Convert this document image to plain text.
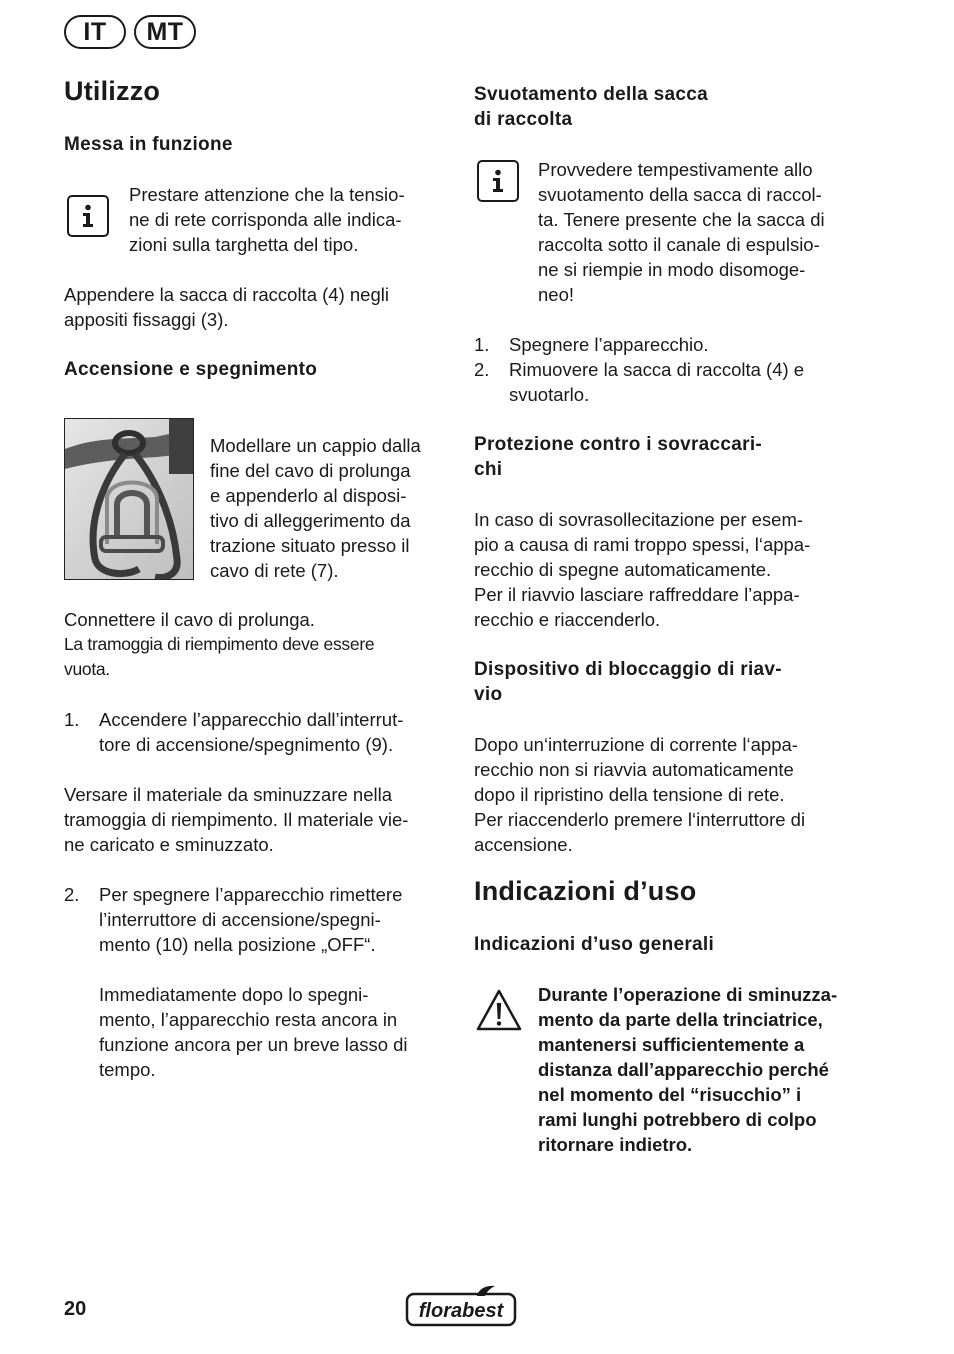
IT	MT
Utilizzo
Messa in funzione
Prestare attenzione che la tensio-
ne di rete corrisponda alle indica-
zioni sulla targhetta del tipo.
Appendere la sacca di raccolta (4) negli
appositi fissaggi (3).
Accensione e spegnimento
Modellare un cappio dalla
fine del cavo di prolunga
e appenderlo al disposi-
tivo di alleggerimento da
trazione situato presso il
cavo di rete (7).
Connettere il cavo di prolunga.
La tramoggia di riempimento deve essere
vuota.
1. Accendere l’apparecchio dall’interrut-
tore di accensione/spegnimento (9).
Versare il materiale da sminuzzare nella
tramoggia di riempimento. Il materiale vie-
ne caricato e sminuzzato.
2. Per spegnere l’apparecchio rimettere
l’interruttore di accensione/spegni-
mento (10) nella posizione „OFF“.
Immediatamente dopo lo spegni-
mento, l’apparecchio resta ancora in
funzione ancora per un breve lasso di
tempo.
Svuotamento della sacca
di raccolta
Provvedere tempestivamente allo
svuotamento della sacca di raccol-
ta. Tenere presente che la sacca di
raccolta sotto il canale di espulsio-
ne si riempie in modo disomoge-
neo!
1. Spegnere l’apparecchio.
2. Rimuovere la sacca di raccolta (4) e
svuotarlo.
Protezione contro i sovraccari-
chi
In caso di sovrasollecitazione per esem-
pio a causa di rami troppo spessi, l‘appa-
recchio di spegne automaticamente.
Per il riavvio lasciare raffreddare l’appa-
recchio e riaccenderlo.
Dispositivo di bloccaggio di riav-
vio
Dopo un‘interruzione di corrente l‘appa-
recchio non si riavvia automaticamente
dopo il ripristino della tensione di rete.
Per riaccenderlo premere l‘interruttore di
accensione.
Indicazioni d’uso
Indicazioni d’uso generali
Durante l’operazione di sminuzza-
mento da parte della trinciatrice,
mantenersi sufficientemente a
distanza dall’apparecchio perché
nel momento del “risucchio” i
rami lunghi potrebbero di colpo
ritornare indietro.
20	florabest
